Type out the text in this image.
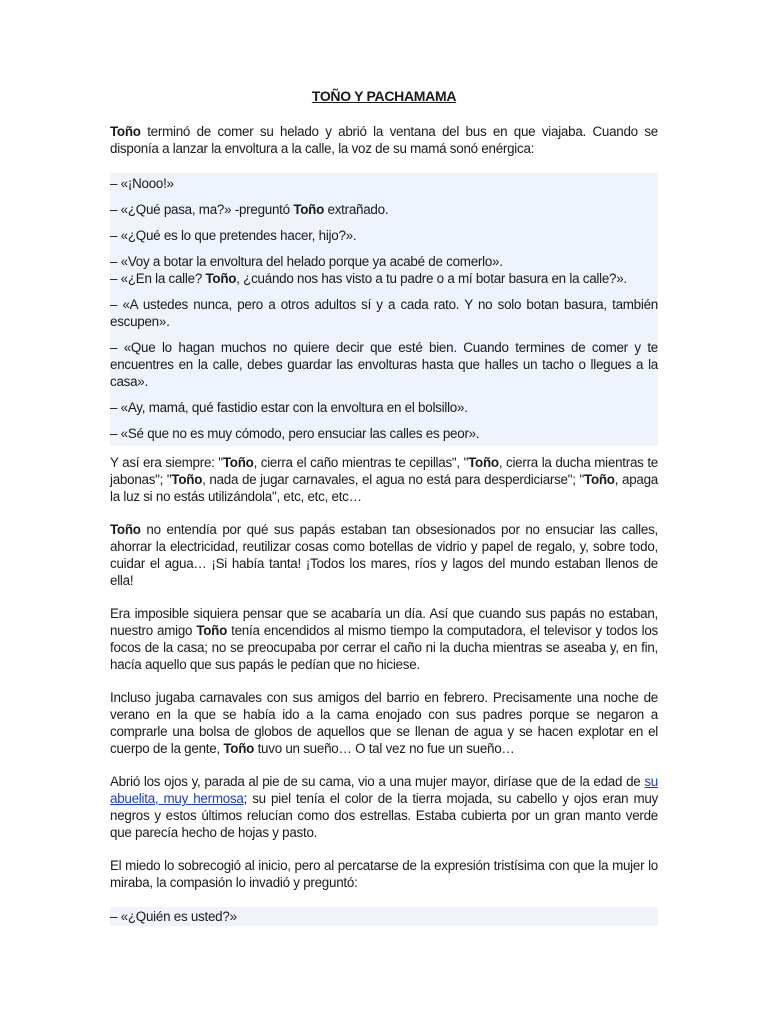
TOÑO Y PACHAMAMA

Toño terminó de comer su helado y abrió la ventana del bus en que viajaba. Cuando se disponía a lanzar la envoltura a la calle, la voz de su mamá sonó enérgica:

– «¡Nooo!»

– «¿Qué pasa, ma?» -preguntó Toño extrañado.

– «¿Qué es lo que pretendes hacer, hijo?».

– «Voy a botar la envoltura del helado porque ya acabé de comerlo».

– «¿En la calle? Toño, ¿cuándo nos has visto a tu padre o a mí botar basura en la calle?».

– «A ustedes nunca, pero a otros adultos sí y a cada rato. Y no solo botan basura, también escupen».

– «Que lo hagan muchos no quiere decir que esté bien. Cuando termines de comer y te encuentres en la calle, debes guardar las envolturas hasta que halles un tacho o llegues a la casa».

– «Ay, mamá, qué fastidio estar con la envoltura en el bolsillo».

– «Sé que no es muy cómodo, pero ensuciar las calles es peor».

Y así era siempre: "Toño, cierra el caño mientras te cepillas", "Toño, cierra la ducha mientras te jabonas"; "Toño, nada de jugar carnavales, el agua no está para desperdiciarse"; "Toño, apaga la luz si no estás utilizándola", etc, etc, etc…

Toño no entendía por qué sus papás estaban tan obsesionados por no ensuciar las calles, ahorrar la electricidad, reutilizar cosas como botellas de vidrio y papel de regalo, y, sobre todo, cuidar el agua… ¡Si había tanta! ¡Todos los mares, ríos y lagos del mundo estaban llenos de ella!

Era imposible siquiera pensar que se acabaría un día. Así que cuando sus papás no estaban, nuestro amigo Toño tenía encendidos al mismo tiempo la computadora, el televisor y todos los focos de la casa; no se preocupaba por cerrar el caño ni la ducha mientras se aseaba y, en fin, hacía aquello que sus papás le pedían que no hiciese.

Incluso jugaba carnavales con sus amigos del barrio en febrero. Precisamente una noche de verano en la que se había ido a la cama enojado con sus padres porque se negaron a comprarle una bolsa de globos de aquellos que se llenan de agua y se hacen explotar en el cuerpo de la gente, Toño tuvo un sueño… O tal vez no fue un sueño…

Abrió los ojos y, parada al pie de su cama, vio a una mujer mayor, diríase que de la edad de su abuelita, muy hermosa; su piel tenía el color de la tierra mojada, su cabello y ojos eran muy negros y estos últimos relucían como dos estrellas. Estaba cubierta por un gran manto verde que parecía hecho de hojas y pasto.

El miedo lo sobrecogió al inicio, pero al percatarse de la expresión tristísima con que la mujer lo miraba, la compasión lo invadió y preguntó:

– «¿Quién es usted?»
